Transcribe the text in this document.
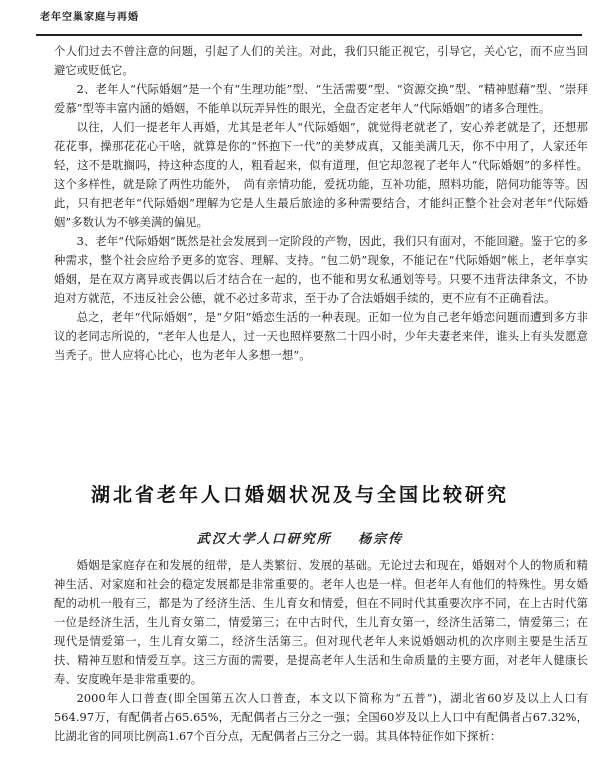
老年空巢家庭与再婚

个人们过去不曾注意的问题，引起了人们的关注。对此，我们只能正视它，引导它，关心它，而不应当回避它或贬低它。

2、老年人“代际婚姻”是一个有“生理功能”型、“生活需要”型、“资源交换”型、“精神慰藉”型、“崇拜爱慕”型等丰富内涵的婚姻，不能单以玩弄异性的眼光，全盘否定老年人“代际婚姻”的诸多合理性。

以往，人们一提老年人再婚，尤其是老年人“代际婚姻”，就觉得老就老了，安心养老就是了，还想那花花事，操那花花心干啥，就算是你的“怀抱下一代”的美梦成真，又能美满几天，你不中用了，人家还年轻，这不是耽搁吗，持这种态度的人，粗看起来，似有道理，但它却忽视了老年人“代际婚姻”的多样性。这个多样性，就是除了两性功能外，　尚有亲情功能，爱抚功能，互补功能，照料功能，陪伺功能等等。因此，只有把老年“代际婚姻”理解为它是人生最后旅途的多种需要结合，才能纠正整个社会对老年“代际婚姻”多数认为不够美满的偏见。

3、老年“代际婚姻”既然是社会发展到一定阶段的产物，因此，我们只有面对，不能回避。鉴于它的多种需求，整个社会应给予更多的宽容、理解、支持。“包二奶”现象，不能记在“代际婚姻”帐上，老年享实婚姻，是在双方离异或丧偶以后才结合在一起的，也不能和男女私通划等号。只要不违背法律条文，不协迫对方就范，不违反社会公德，就不必过多苛求，至于办了合法婚姻手续的，更不应有不正确看法。

总之，老年“代际婚姻”，是“夕阳”婚恋生活的一种表现。正如一位为自己老年婚恋问题而遭到多方非议的老同志所说的，“老年人也是人，过一天也照样要熬二十四小时，少年夫妻老来伴，谁头上有头发愿意当秃子。世人应将心比心，也为老年人多想一想”。

湖北省老年人口婚姻状况及与全国比较研究
武汉大学人口研究所 杨宗传

婚姻是家庭存在和发展的纽带，是人类繁衍、发展的基础。无论过去和现在，婚姻对个人的物质和精神生活、对家庭和社会的稳定发展都是非常重要的。老年人也是一样。但老年人有他们的特殊性。男女婚配的动机一般有三，都是为了经济生活、生儿育女和情爱，但在不同时代其重要次序不同，在上古时代第一位是经济生活，生儿育女第二，情爱第三；在中古时代，生儿育女第一，经济生活第二，情爱第三；在现代是情爱第一，生儿育女第二，经济生活第三。但对现代老年人来说婚姻动机的次序则主要是生活互扶、精神互慰和情爱互享。这三方面的需要，是提高老年人生活和生命质量的主要方面，对老年人健康长寿、安度晚年是非常重要的。

2000年人口普查(即全国第五次人口普查，本文以下简称为“五普”)，湖北省60岁及以上人口有564.97万，有配偶者占65.65%，无配偶者占三分之一强；全国60岁及以上人口中有配偶者占67.32%，比湖北省的同项比例高1.67个百分点，无配偶者占三分之一弱。其具体特征作如下探析：
